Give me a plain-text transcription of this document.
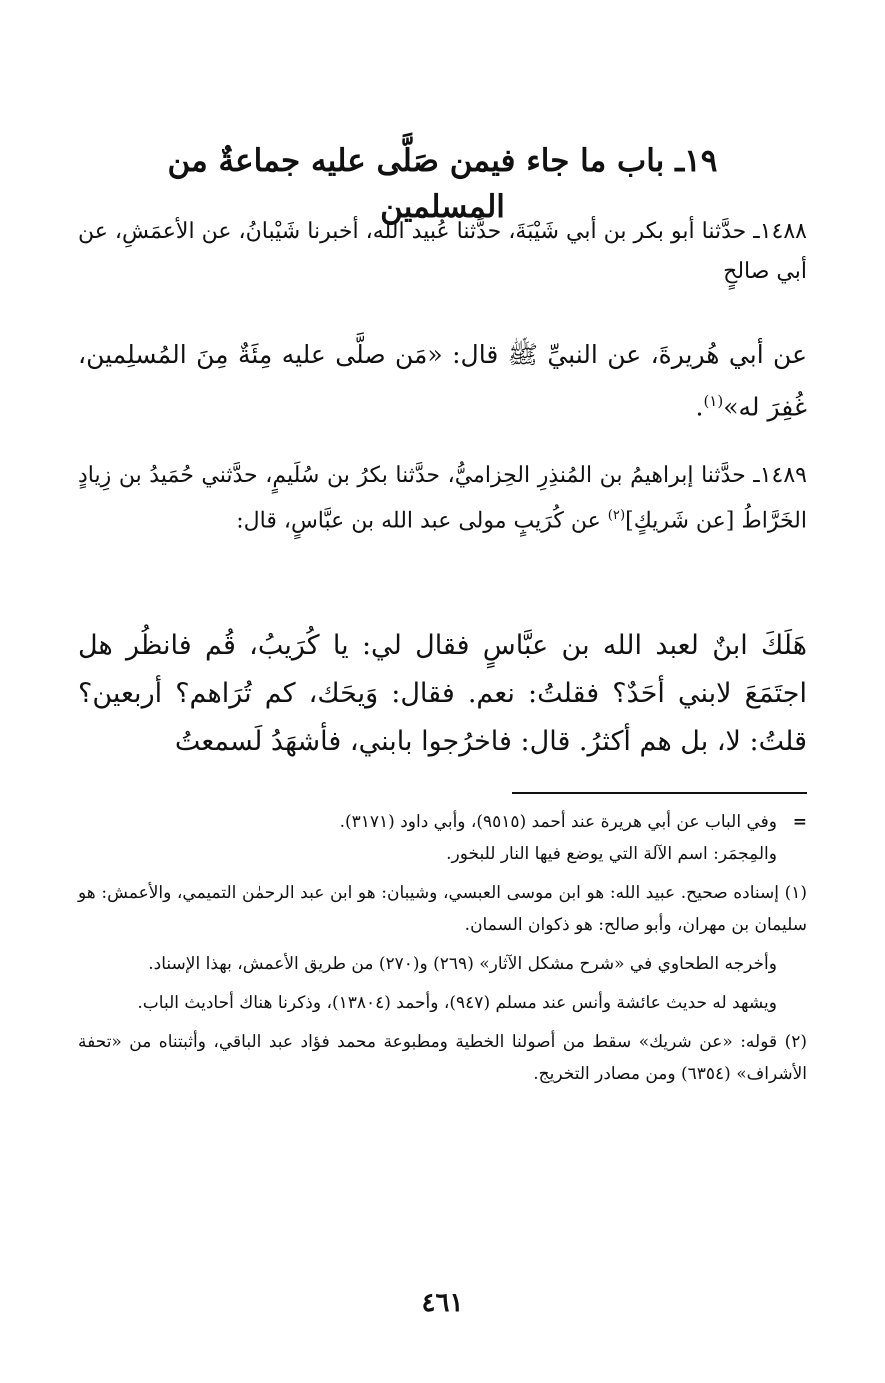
١٩ـ باب ما جاء فيمن صَلَّى عليه جماعةٌ من المسلمين

١٤٨٨ـ حدَّثنا أبو بكر بن أبي شَيْبَةَ، حدَّثنا عُبيد الله، أخبرنا شَيْبانُ، عن الأعمَشِ، عن أبي صالحٍ

عن أبي هُريرةَ، عن النبيِّ ﷺ قال: «مَن صلَّى عليه مِئَةٌ مِنَ المُسلِمين، غُفِرَ له»$^{(١)}$.

١٤٨٩ـ حدَّثنا إبراهيمُ بن المُنذِرِ الحِزاميُّ، حدَّثنا بكرُ بن سُلَيمٍ، حدَّثني حُمَيدُ بن زِيادٍ الخَرَّاطُ [عن شَريكٍ]$^{(٢)}$ عن كُرَيبٍ مولى عبد الله بن عبَّاسٍ، قال:

هَلَكَ ابنٌ لعبد الله بن عبَّاسٍ فقال لي: يا كُرَيبُ، قُم فانظُر هل اجتَمَعَ لابني أحَدٌ؟ فقلتُ: نعم. فقال: وَيحَك، كم تُرَاهم؟ أربعين؟ قلتُ: لا، بل هم أكثرُ. قال: فاخرُجوا بابني، فأشهَدُ لَسمعتُ

=
وفي الباب عن أبي هريرة عند أحمد (٩٥١٥)، وأبي داود (٣١٧١).
والمِجمَر: اسم الآلة التي يوضع فيها النار للبخور.

(١) إسناده صحيح. عبيد الله: هو ابن موسى العبسي، وشيبان: هو ابن عبد الرحمٰن التميمي، والأعمش: هو سليمان بن مهران، وأبو صالح: هو ذكوان السمان.

وأخرجه الطحاوي في «شرح مشكل الآثار» (٢٦٩) و(٢٧٠) من طريق الأعمش، بهذا الإسناد.

ويشهد له حديث عائشة وأنس عند مسلم (٩٤٧)، وأحمد (١٣٨٠٤)، وذكرنا هناك أحاديث الباب.

(٢) قوله: «عن شريك» سقط من أصولنا الخطية ومطبوعة محمد فؤاد عبد الباقي، وأثبتناه من «تحفة الأشراف» (٦٣٥٤) ومن مصادر التخريج.

٤٦١
